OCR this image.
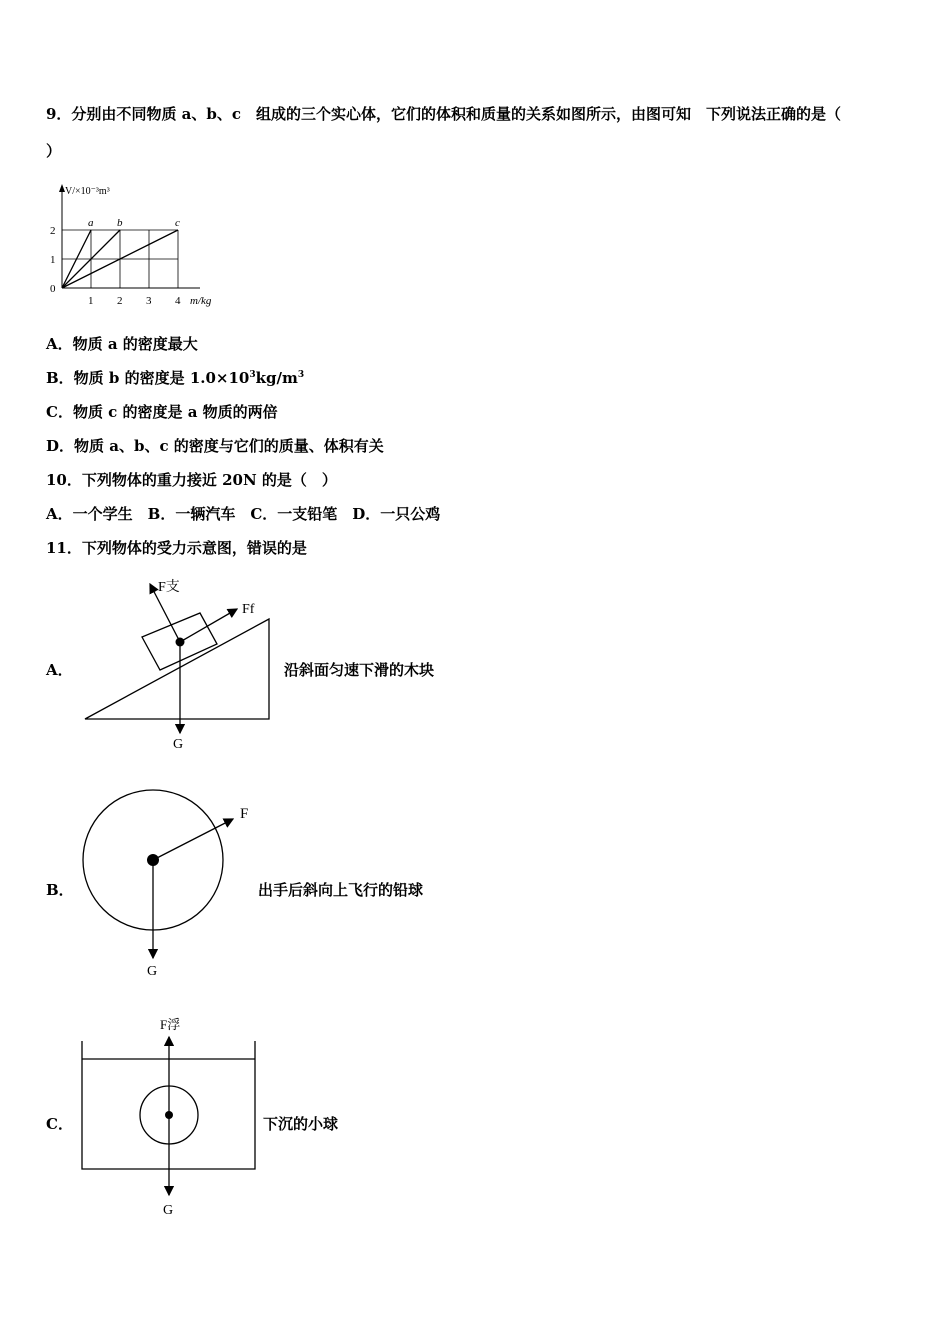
9．分别由不同物质 a、b、c　组成的三个实心体，它们的体积和质量的关系如图所示，由图可知　下列说法正确的是（
）
a b	c
1 2 3 4
0
1
2
m/kg
V/×10⁻³m³
A．物质 a 的密度最大
B．物质 b 的密度是 $1.0\times 10^3kg/m^3$
C．物质 c 的密度是 a 物质的两倍
D．物质 a、b、c 的密度与它们的质量、体积有关
10．下列物体的重力接近 20N 的是（　）
A．一个学生　B．一辆汽车　C．一支铅笔　D．一只公鸡
11．下列物体的受力示意图，错误的是
A．
F支
Ff
G
沿斜面匀速下滑的木块
B．
F
G
出手后斜向上飞行的铅球
C．
F浮
G
下沉的小球
